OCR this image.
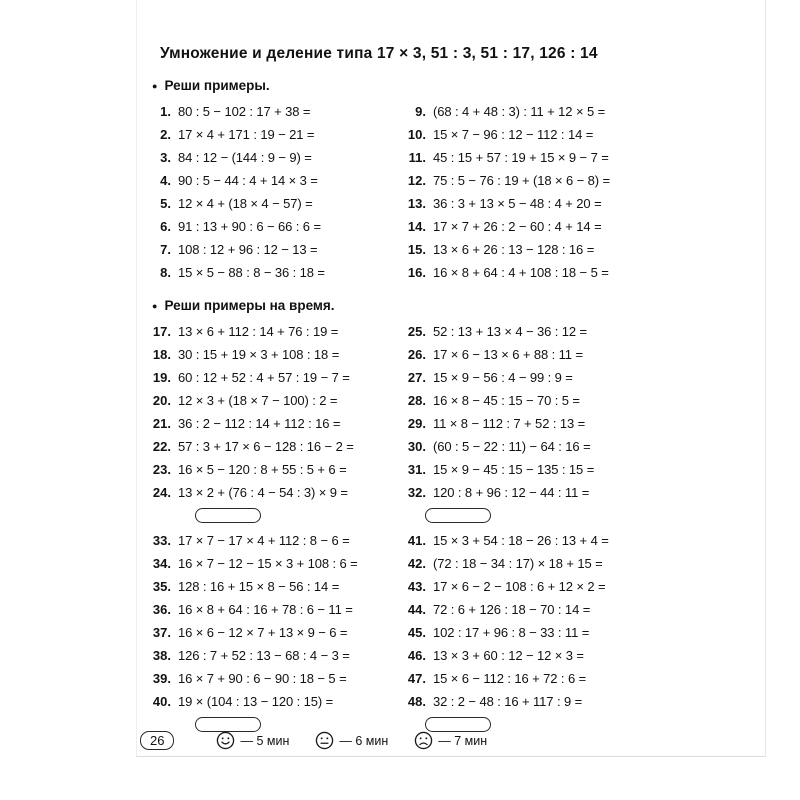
Умножение и деление типа 17 × 3, 51 : 3, 51 : 17, 126 : 14
● Реши примеры.
1. 80 : 5 − 102 : 17 + 38 =
2. 17 × 4 + 171 : 19 − 21 =
3. 84 : 12 − (144 : 9 − 9) =
4. 90 : 5 − 44 : 4 + 14 × 3 =
5. 12 × 4 + (18 × 4 − 57) =
6. 91 : 13 + 90 : 6 − 66 : 6 =
7. 108 : 12 + 96 : 12 − 13 =
8. 15 × 5 − 88 : 8 − 36 : 18 =
9. (68 : 4 + 48 : 3) : 11 + 12 × 5 =
10. 15 × 7 − 96 : 12 − 112 : 14 =
11. 45 : 15 + 57 : 19 + 15 × 9 − 7 =
12. 75 : 5 − 76 : 19 + (18 × 6 − 8) =
13. 36 : 3 + 13 × 5 − 48 : 4 + 20 =
14. 17 × 7 + 26 : 2 − 60 : 4 + 14 =
15. 13 × 6 + 26 : 13 − 128 : 16 =
16. 16 × 8 + 64 : 4 + 108 : 18 − 5 =
● Реши примеры на время.
17. 13 × 6 + 112 : 14 + 76 : 19 =
18. 30 : 15 + 19 × 3 + 108 : 18 =
19. 60 : 12 + 52 : 4 + 57 : 19 − 7 =
20. 12 × 3 + (18 × 7 − 100) : 2 =
21. 36 : 2 − 112 : 14 + 112 : 16 =
22. 57 : 3 + 17 × 6 − 128 : 16 − 2 =
23. 16 × 5 − 120 : 8 + 55 : 5 + 6 =
24. 13 × 2 + (76 : 4 − 54 : 3) × 9 =
25. 52 : 13 + 13 × 4 − 36 : 12 =
26. 17 × 6 − 13 × 6 + 88 : 11 =
27. 15 × 9 − 56 : 4 − 99 : 9 =
28. 16 × 8 − 45 : 15 − 70 : 5 =
29. 11 × 8 − 112 : 7 + 52 : 13 =
30. (60 : 5 − 22 : 11) − 64 : 16 =
31. 15 × 9 − 45 : 15 − 135 : 15 =
32. 120 : 8 + 96 : 12 − 44 : 11 =
33. 17 × 7 − 17 × 4 + 112 : 8 − 6 =
34. 16 × 7 − 12 − 15 × 3 + 108 : 6 =
35. 128 : 16 + 15 × 8 − 56 : 14 =
36. 16 × 8 + 64 : 16 + 78 : 6 − 11 =
37. 16 × 6 − 12 × 7 + 13 × 9 − 6 =
38. 126 : 7 + 52 : 13 − 68 : 4 − 3 =
39. 16 × 7 + 90 : 6 − 90 : 18 − 5 =
40. 19 × (104 : 13 − 120 : 15) =
41. 15 × 3 + 54 : 18 − 26 : 13 + 4 =
42. (72 : 18 − 34 : 17) × 18 + 15 =
43. 17 × 6 − 2 − 108 : 6 + 12 × 2 =
44. 72 : 6 + 126 : 18 − 70 : 14 =
45. 102 : 17 + 96 : 8 − 33 : 11 =
46. 13 × 3 + 60 : 12 − 12 × 3 =
47. 15 × 6 − 112 : 16 + 72 : 6 =
48. 32 : 2 − 48 : 16 + 117 : 9 =
26	— 5 мин	— 6 мин	— 7 мин
